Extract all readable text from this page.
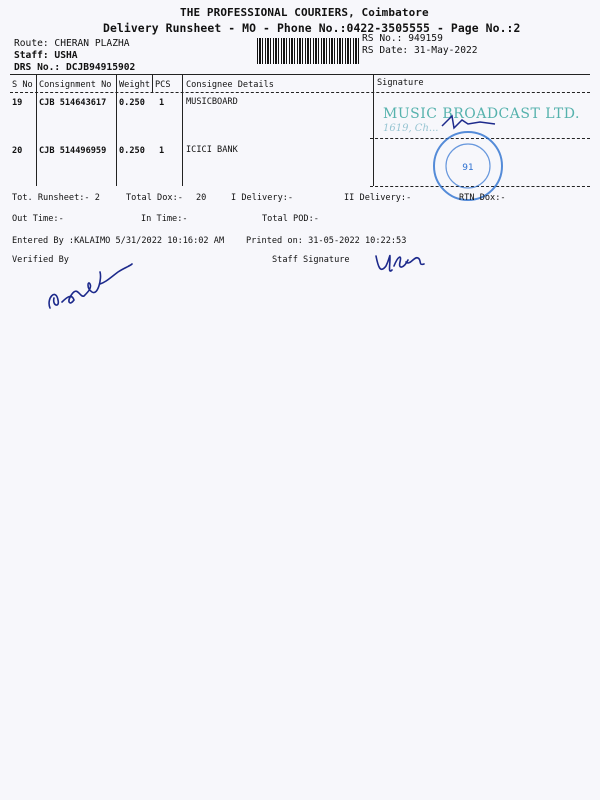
THE PROFESSIONAL COURIERS, Coimbatore
Delivery Runsheet - MO - Phone No.:0422-3505555 - Page No.:2
Route: CHERAN PLAZHA
Staff: USHA
DRS No.: DCJB94915902
RS No.: 949159
RS Date: 31-May-2022
S No Consignment No Weight PCS Consignee Details	Signature
19 CJB 514643617 0.250 1	MUSICBOARD
20 CJB 514496959 0.250 1	ICICI BANK
MUSIC BROADCAST LTD.
1619, Ch...
91
Tot. Runsheet:- 2	Total Dox:- 20	I Delivery:-	II Delivery:-	RTN Dox:-
Out Time:-	In Time:-	Total POD:-
Entered By :KALAIMO 5/31/2022 10:16:02 AM	Printed on: 31-05-2022 10:22:53
Verified By	Staff Signature
